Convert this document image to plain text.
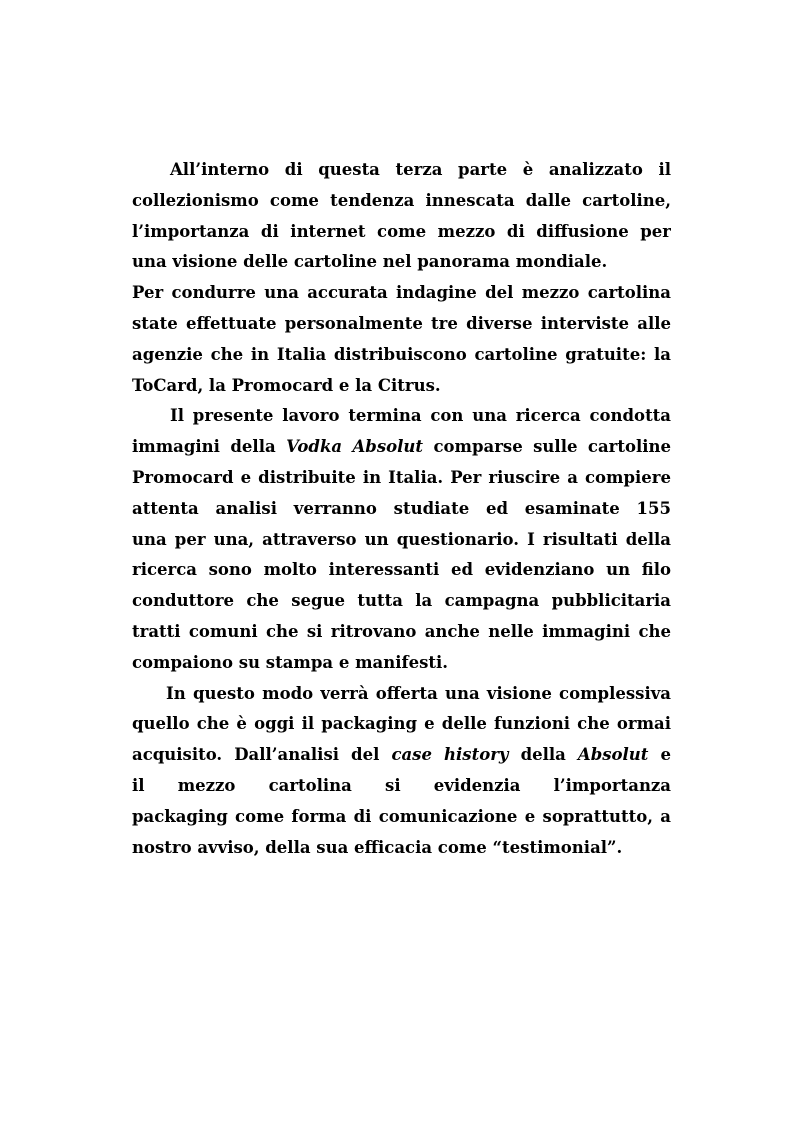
All’interno di questa terza parte è analizzato il
collezionismo come tendenza innescata dalle cartoline,
l’importanza di internet come mezzo di diffusione per
una visione delle cartoline nel panorama mondiale.
Per condurre una accurata indagine del mezzo cartolina
state effettuate personalmente tre diverse interviste alle
agenzie che in Italia distribuiscono cartoline gratuite: la
ToCard, la Promocard e la Citrus.
Il presente lavoro termina con una ricerca condotta
immagini della Vodka Absolut comparse sulle cartoline
Promocard e distribuite in Italia. Per riuscire a compiere
attenta analisi verranno studiate ed esaminate 155
una per una, attraverso un questionario. I risultati della
ricerca sono molto interessanti ed evidenziano un filo
conduttore che segue tutta la campagna pubblicitaria
tratti comuni che si ritrovano anche nelle immagini che
compaiono su stampa e manifesti.
In questo modo verrà offerta una visione complessiva
quello che è oggi il packaging e delle funzioni che ormai
acquisito. Dall’analisi del case history della Absolut e
il mezzo cartolina si evidenzia l’importanza
packaging come forma di comunicazione e soprattutto, a
nostro avviso, della sua efficacia come “testimonial”.
